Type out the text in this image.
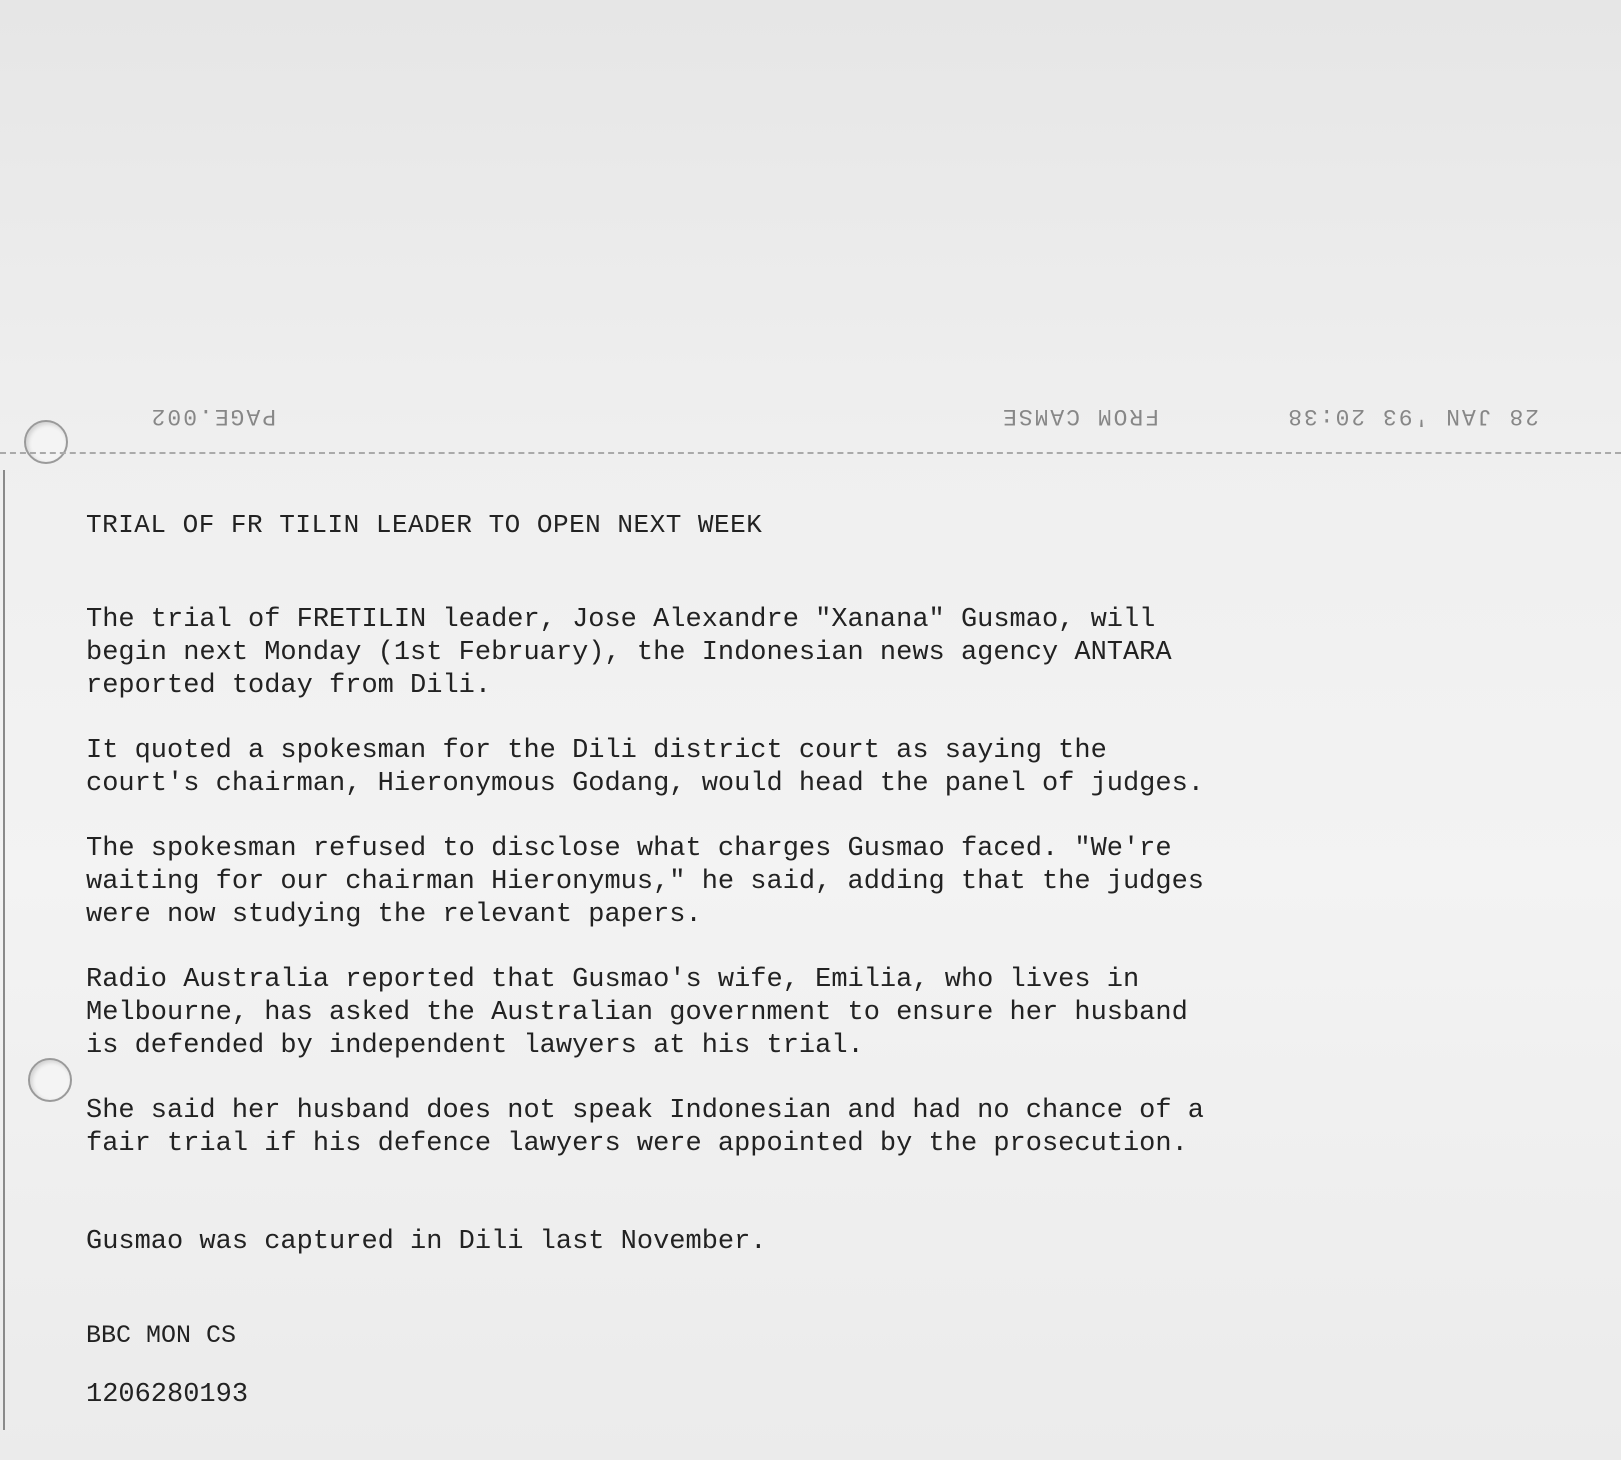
28 JAN '93 20:38
FROM CAMSE
PAGE.002
TRIAL OF FR TILIN LEADER TO OPEN NEXT WEEK

The trial of FRETILIN leader, Jose Alexandre "Xanana" Gusmao, will
begin next Monday (1st February), the Indonesian news agency ANTARA
reported today from Dili.

It quoted a spokesman for the Dili district court as saying the
court's chairman, Hieronymous Godang, would head the panel of judges.

The spokesman refused to disclose what charges Gusmao faced. "We're
waiting for our chairman Hieronymus," he said, adding that the judges
were now studying the relevant papers.

Radio Australia reported that Gusmao's wife, Emilia, who lives in
Melbourne, has asked the Australian government to ensure her husband
is defended by independent lawyers at his trial.

She said her husband does not speak Indonesian and had no chance of a
fair trial if his defence lawyers were appointed by the prosecution.

Gusmao was captured in Dili last November.
BBC MON CS
1206280193
